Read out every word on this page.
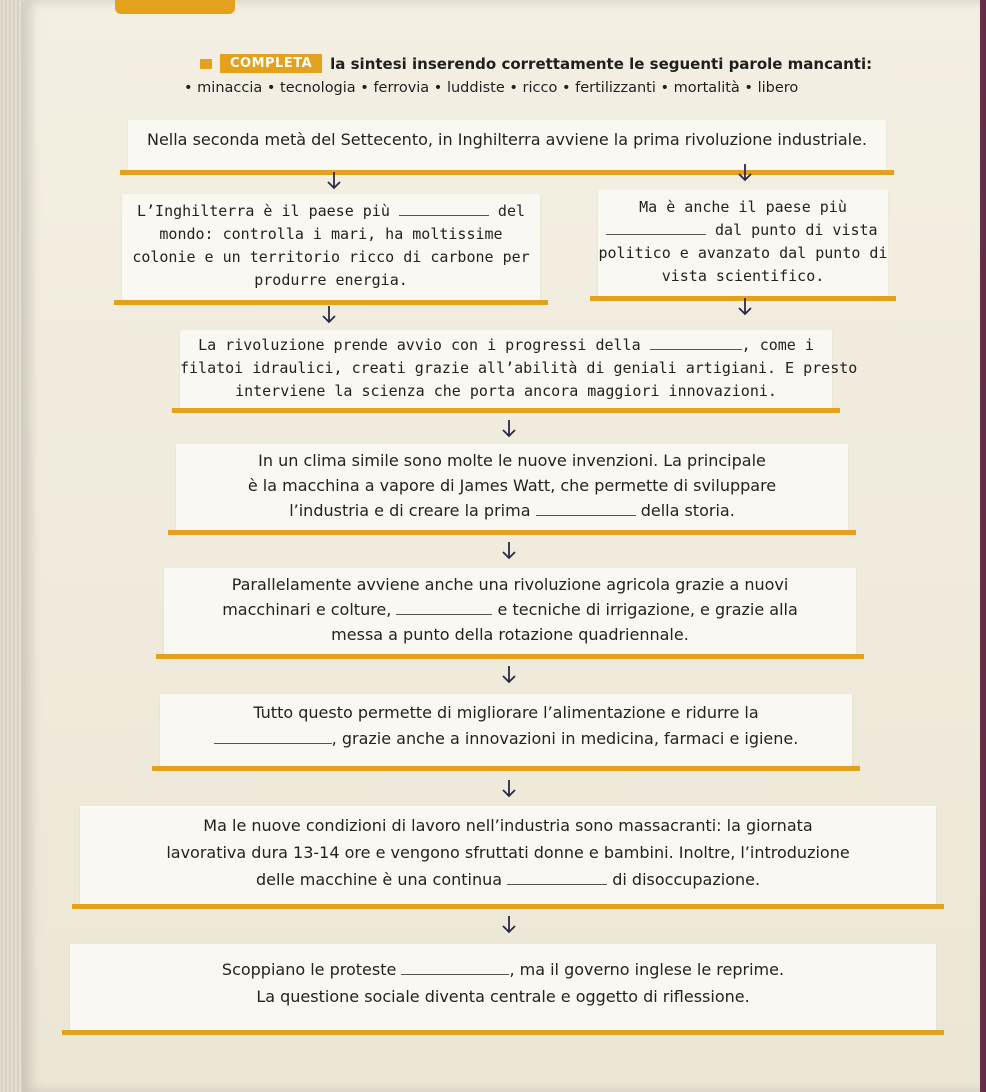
COMPLETA	la sintesi inserendo correttamente le seguenti parole mancanti:
• minaccia • tecnologia • ferrovia • luddiste • ricco • fertilizzanti • mortalità • libero

Nella seconda metà del Settecento, in Inghilterra avviene la prima rivoluzione industriale.

L’Inghilterra è il paese più	del

mondo: controlla i mari, ha moltissime

colonie e un territorio ricco di carbone per

produrre energia.

Ma è anche il paese più

dal punto di vista

politico e avanzato dal punto di

vista scientifico.

La rivoluzione prende avvio con i progressi della	, come i

filatoi idraulici, creati grazie all’abilità di geniali artigiani. E presto

interviene la scienza che porta ancora maggiori innovazioni.

In un clima simile sono molte le nuove invenzioni. La principale

è la macchina a vapore di James Watt, che permette di sviluppare

l’industria e di creare la prima	della storia.

Parallelamente avviene anche una rivoluzione agricola grazie a nuovi

macchinari e colture,	e tecniche di irrigazione, e grazie alla

messa a punto della rotazione quadriennale.

Tutto questo permette di migliorare l’alimentazione e ridurre la

, grazie anche a innovazioni in medicina, farmaci e igiene.

Ma le nuove condizioni di lavoro nell’industria sono massacranti: la giornata

lavorativa dura 13-14 ore e vengono sfruttati donne e bambini. Inoltre, l’introduzione

delle macchine è una continua	di disoccupazione.

Scoppiano le proteste	, ma il governo inglese le reprime.

La questione sociale diventa centrale e oggetto di riflessione.
